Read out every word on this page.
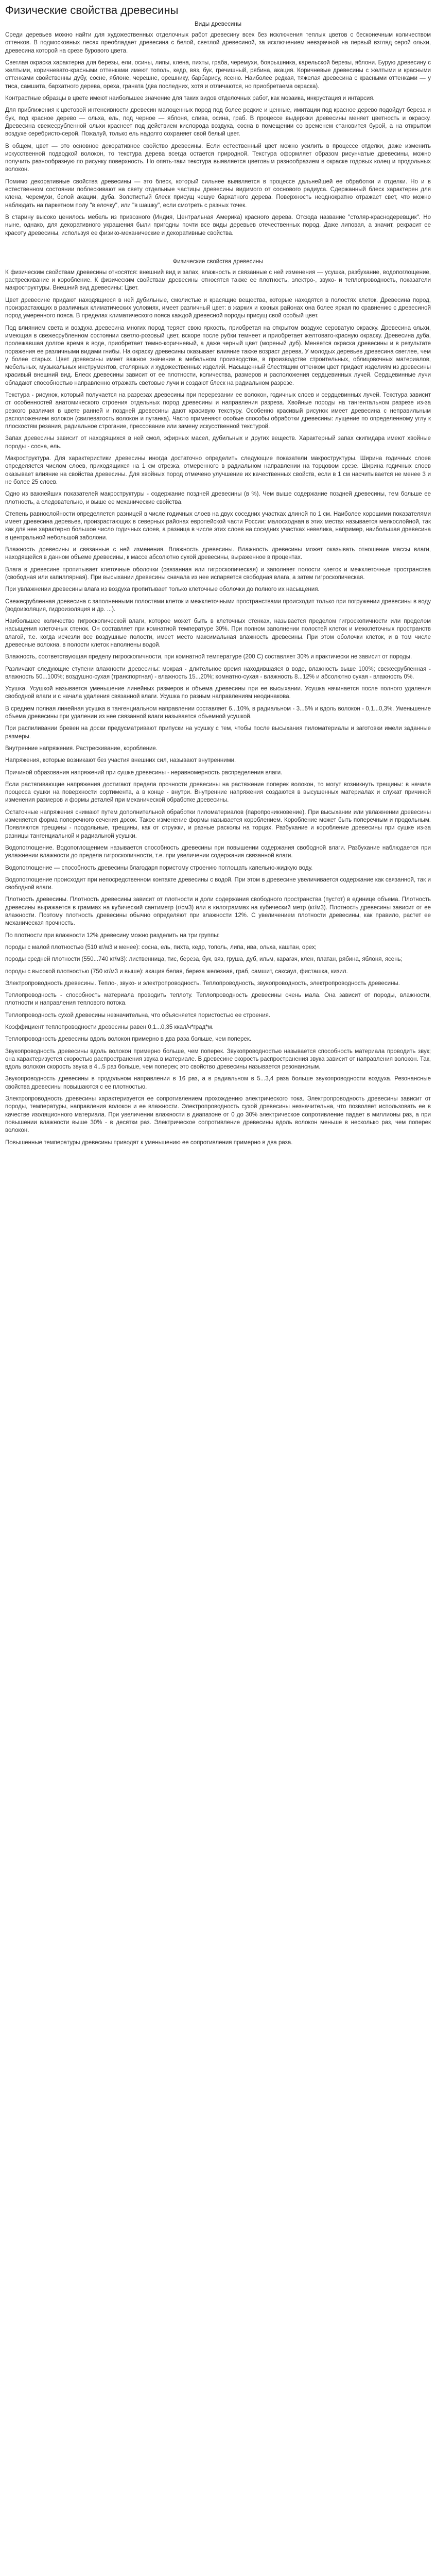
Физические свойства древесины
Виды древесины

Среди деревьев можно найти для художественных отделочных работ древесину всех без исключения теплых цветов с бесконечным количеством оттенков. В подмосковных лесах преобладает древесина с белой, светлой древесиной, за исключением невзрачной на первый взгляд серой ольхи, древесина которой на срезе бурового цвета.

Светлая окраска характерна для березы, ели, осины, липы, клена, пихты, граба, черемухи, боярышника, карельской березы, яблони. Бурую древесину с желтыми, коричневато-красными оттенками имеют тополь, кедр, вяз, бук, гречишный, рябина, акация. Коричневые древесины с желтыми и красными оттенками свойственны дубу, сосне, яблоне, черешне, орешнику, барбарису, ясеню. Наиболее редкая, тяжелая древесина с красными оттенками — у тиса, самшита, бархатного дерева, ореха, граната (два последних, хотя и отличаются, но приобретаема окраска).

Контрастные образцы в цвете имеют наибольшее значение для таких видов отделочных работ, как мозаика, инкрустация и интарсия.

Для приближения к цветовой интенсивности древесин малоценных пород под более редкие и ценные, имитации под красное дерево подойдут береза и бук, под красное дерево — ольха, ель, под черное — яблоня, слива, осина, граб. В процессе выдержки древесины меняет цветность и окраску. Древесина свежесрубленной ольхи краснеет под действием кислорода воздуха, сосна в помещении со временем становится бурой, а на открытом воздухе серебристо-серой. Пожалуй, только ель надолго сохраняет свой белый цвет.

В общем, цвет — это основное декоративное свойство древесины. Если естественный цвет можно усилить в процессе отделки, даже изменить искусственной подводкой волокон, то текстура дерева всегда остается природной. Текстура оформляет образом рисунчатые древесины, можно получить разнообразную по рисунку поверхность. Но опять-таки текстура выявляется цветовым разнообразием в окраске годовых колец и продольных волокон.

Помимо декоративные свойства древесины — это блеск, который сильнее выявляется в процессе дальнейшей ее обработки и отделки. Но и в естественном состоянии поблескивают на свету отдельные частицы древесины видимого от соснового радиуса. Сдержанный блеск характерен для клена, черемухи, белой акации, дуба. Золотистый блеск присущ чешуе бархатного дерева. Поверхность неоднократно отражает свет, что можно наблюдать на паркетном полу "в елочку", или "в шашку", если смотреть с разных точек.

В старину высоко ценилось мебель из привозного (Индия, Центральная Америка) красного дерева. Отсюда название "столяр-краснодеревщик". Но ныне, однако, для декоративного украшения были пригодны почти все виды деревьев отечественных пород. Даже липовая, а значит, рекрасит ее красоту древесины, используя ее физико-механические и декоративные свойства.

Физические свойства древесины

К физическим свойствам древесины относятся: внешний вид и запах, влажность и связанные с ней изменения — усушка, разбухание, водопоглощение, растрескивание и коробление. К физическим свойствам древесины относятся также ее плотность, электро-, звуко- и теплопроводность, показатели макроструктуры. Внешний вид древесины: Цвет.

Цвет древесине придают находящиеся в ней дубильные, смолистые и красящие вещества, которые находятся в полостях клеток. Древесина пород, произрастающих в различных климатических условиях, имеет различный цвет: в жарких и южных районах она более яркая по сравнению с древесиной пород умеренного пояса. В пределах климатического пояса каждой древесной породы присущ свой особый цвет.

Под влиянием света и воздуха древесина многих пород теряет свою яркость, приобретая на открытом воздухе сероватую окраску. Древесина ольхи, имеющая в свежесрубленном состоянии светло-розовый цвет, вскоре после рубки темнеет и приобретает желтовато-красную окраску. Древесина дуба, пролежавшая долгое время в воде, приобретает темно-коричневый, а даже черный цвет (мореный дуб). Меняется окраска древесины и в результате поражения ее различными видами гнибы. На окраску древесины оказывает влияние также возраст дерева. У молодых деревьев древесина светлее, чем у более старых. Цвет древесины имеет важное значение в мебельном производстве, в производстве строительных, облицовочных материалов, мебельных, музыкальных инструментов, столярных и художественных изделий. Насыщенный блестящим оттенком цвет придает изделиям из древесины красивый внешний вид. Блеск древесины зависит от ее плотности, количества, размеров и расположения сердцевинных лучей. Сердцевинные лучи обладают способностью направленно отражать световые лучи и создают блеск на радиальном разрезе.

Текстура - рисунок, который получается на разрезах древесины при перерезании ее волокон, годичных слоев и сердцевинных лучей. Текстура зависит от особенностей анатомического строения отдельных пород древесины и направления разреза. Хвойные породы на тангентальном разрезе из-за резкого различия в цвете ранней и поздней древесины дают красивую текстуру. Особенно красивый рисунок имеет древесина с неправильным расположением волокон (свилеватость волокон и путанка). Часто применяют особые способы обработки древесины: лущение по определенному углу к плоскостям резания, радиальное строгание, прессование или замену искусственной текстурой.

Запах древесины зависит от находящихся в ней смол, эфирных масел, дубильных и других веществ. Характерный запах скипидара имеют хвойные породы - сосна, ель.

Макроструктура. Для характеристики древесины иногда достаточно определить следующие показатели макроструктуры. Ширина годичных слоев определяется числом слоев, приходящихся на 1 см отрезка, отмеренного в радиальном направлении на торцовом срезе. Ширина годичных слоев оказывает влияние на свойства древесины. Для хвойных пород отмечено улучшение их качественных свойств, если в 1 см насчитывается не менее 3 и не более 25 слоев.

Одно из важнейших показателей макроструктуры - содержание поздней древесины (в %). Чем выше содержание поздней древесины, тем больше ее плотность, а следовательно, и выше ее механические свойства.

Степень равнослойности определяется разницей в числе годичных слоев на двух соседних участках длиной по 1 см. Наиболее хорошими показателями имеет древесина деревьев, произрастающих в северных районах европейской части России: малосходная в этих местах называется мелкослойной, так как для нее характерно большое число годичных слоев, а разница в числе этих слоев на соседних участках невелика, например, наибольшая древесина в центральной небольшой заболони.

Влажность древесины и связанные с ней изменения. Влажность древесины. Влажность древесины может оказывать отношение массы влаги, находящейся в данном объеме древесины, к массе абсолютно сухой древесины, выраженное в процентах.

Влага в древесине пропитывает клеточные оболочки (связанная или гигроскопическая) и заполняет полости клеток и межклеточные пространства (свободная или капиллярная). При высыхании древесины сначала из нее испаряется свободная влага, а затем гигроскопическая.

При увлажнении древесины влага из воздуха пропитывает только клеточные оболочки до полного их насыщения.

Свежесрубленная древесина с заполненными полостями клеток и межклеточными пространствами происходит только при погружении древесины в воду (водоизоляция, гидроизоляция и др. ...).

Наибольшее количество гигроскопической влаги, которое может быть в клеточных стенках, называется пределом гигроскопичности или пределом насыщения клеточных стенок. Он составляет при комнатной температуре 30%. При полном заполнении полостей клеток и межклеточных пространств влагой, т.е. когда исчезли все воздушные полости, имеет место максимальная влажность древесины. При этом оболочки клеток, и в том числе древесные волокна, в полости клеток наполнены водой.

Влажность, соответствующая пределу гигроскопичности, при комнатной температуре (200 С) составляет 30% и практически не зависит от породы.

Различают следующие ступени влажности древесины: мокрая - длительное время находившаяся в воде, влажность выше 100%; свежесрубленная - влажность 50...100%; воздушно-сухая (транспортная) - влажность 15...20%; комнатно-сухая - влажность 8...12% и абсолютно сухая - влажность 0%.

Усушка. Усушкой называется уменьшение линейных размеров и объема древесины при ее высыхании. Усушка начинается после полного удаления свободной влаги и с начала удаления связанной влаги. Усушка по разным направлениям неодинакова.

В среднем полная линейная усушка в тангенциальном направлении составляет 6...10%, в радиальном - 3...5% и вдоль волокон - 0,1...0,3%. Уменьшение объема древесины при удалении из нее связанной влаги называется объемной усушкой.

При распиливании бревен на доски предусматривают припуски на усушку с тем, чтобы после высыхания пиломатериалы и заготовки имели заданные размеры.

Внутренние напряжения. Растрескивание, коробление.

Напряжения, которые возникают без участия внешних сил, называют внутренними.

Причиной образования напряжений при сушке древесины - неравномерность распределения влаги.

Если растягивающие напряжения достигают предела прочности древесины на растяжение поперек волокон, то могут возникнуть трещины: в начале процесса сушки на поверхности сортимента, а в конце - внутри. Внутренние напряжения создаются в высушенных материалах и служат причиной изменения размеров и формы деталей при механической обработке древесины.

Остаточные напряжения снимают путем дополнительной обработки пиломатериалов (паропроникновение). При высыхании или увлажнении древесины изменяется форма поперечного сечения досок. Такое изменение формы называется короблением. Коробление может быть поперечным и продольным. Появляются трещины - продольные, трещины, как от стружки, и разные расколы на торцах. Разбухание и коробление древесины при сушке из-за разницы тангенциальной и радиальной усушки.

Водопоглощение. Водопоглощением называется способность древесины при повышении содержания свободной влаги. Разбухание наблюдается при увлажнении влажности до предела гигроскопичности, т.е. при увеличении содержания связанной влаги.

Водопоглощение — способность древесины благодаря пористому строению поглощать капельно-жидкую воду.

Водопоглощение происходит при непосредственном контакте древесины с водой. При этом в древесине увеличивается содержание как связанной, так и свободной влаги.

Плотность древесины. Плотность древесины зависит от плотности и доли содержания свободного пространства (пустот) в единице объема. Плотность древесины выражается в граммах на кубический сантиметр (г/см3) или в килограммах на кубический метр (кг/м3). Плотность древесины зависит от ее влажности. Поэтому плотность древесины обычно определяют при влажности 12%. С увеличением плотности древесины, как правило, растет ее механическая прочность.

По плотности при влажности 12% древесину можно разделить на три группы:

породы с малой плотностью (510 кг/м3 и менее): сосна, ель, пихта, кедр, тополь, липа, ива, ольха, каштан, орех;

породы средней плотности (550...740 кг/м3): лиственница, тис, береза, бук, вяз, груша, дуб, ильм, карагач, клен, платан, рябина, яблоня, ясень;

породы с высокой плотностью (750 кг/м3 и выше): акация белая, береза железная, граб, самшит, саксаул, фисташка, кизил.

Электропроводность древесины. Тепло-, звуко- и электропроводность. Теплопроводность, звукопроводность, электропроводность древесины.

Теплопроводность - способность материала проводить теплоту. Теплопроводность древесины очень мала. Она зависит от породы, влажности, плотности и направления теплового потока.

Теплопроводность сухой древесины незначительна, что объясняется пористостью ее строения.

Коэффициент теплопроводности древесины равен 0,1...0,35 ккал/ч*град*м.

Теплопроводность древесины вдоль волокон примерно в два раза больше, чем поперек.

Звукопроводность древесины вдоль волокон примерно больше, чем поперек. Звукопроводностью называется способность материала проводить звук; она характеризуется скоростью распространения звука в материале. В древесине скорость распространения звука зависит от направления волокон. Так, вдоль волокон скорость звука в 4...5 раз больше, чем поперек; это свойство древесины называется резонансным.

Звукопроводность древесины в продольном направлении в 16 раз, а в радиальном в 5...3,4 раза больше звукопроводности воздуха. Резонансные свойства древесины повышаются с ее плотностью.

Электропроводность древесины характеризуется ее сопротивлением прохождению электрического тока. Электропроводность древесины зависит от породы, температуры, направления волокон и ее влажности. Электропроводность сухой древесины незначительна, что позволяет использовать ее в качестве изоляционного материала. При увеличении влажности в диапазоне от 0 до 30% электрическое сопротивление падает в миллионы раз, а при повышении влажности выше 30% - в десятки раз. Электрическое сопротивление древесины вдоль волокон меньше в несколько раз, чем поперек волокон.

Повышенные температуры древесины приводят к уменьшению ее сопротивления примерно в два раза.
